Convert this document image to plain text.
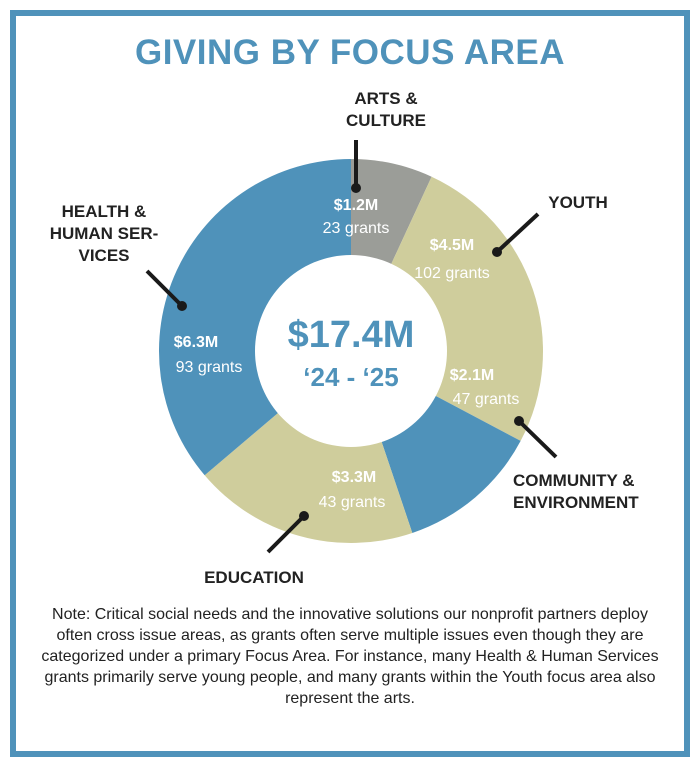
GIVING BY FOCUS AREA
$1.2M
23 grants
$4.5M
102 grants
$2.1M
47 grants
$3.3M
43 grants
$6.3M
93 grants
ARTS &
CULTURE
YOUTH
COMMUNITY &
ENVIRONMENT
EDUCATION
HEALTH &
HUMAN SER-
VICES
$17.4M
‘24 - ‘25
Note: Critical social needs and the innovative solutions our nonprofit partners deploy often cross issue areas, as grants often serve multiple issues even though they are categorized under a primary Focus Area. For instance, many Health & Human Services grants primarily serve young people, and many grants within the Youth focus area also represent the arts.
